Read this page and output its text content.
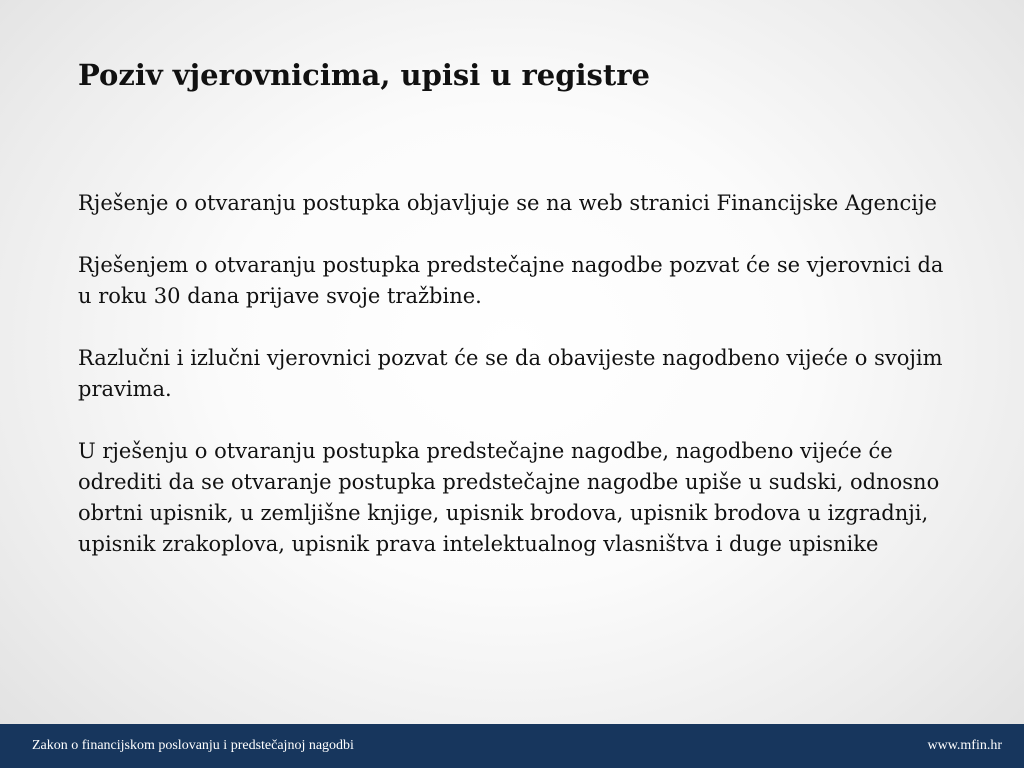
Poziv vjerovnicima, upisi u registre

Rješenje o otvaranju postupka objavljuje se na web stranici Financijske Agencije

Rješenjem o otvaranju postupka predstečajne nagodbe pozvat će se vjerovnici da u roku 30 dana prijave svoje tražbine.

Razlučni i izlučni vjerovnici pozvat će se da obavijeste nagodbeno vijeće o svojim pravima.

U rješenju o otvaranju postupka predstečajne nagodbe, nagodbeno vijeće će odrediti da se otvaranje postupka predstečajne nagodbe upiše u sudski, odnosno obrtni upisnik, u zemljišne knjige, upisnik brodova, upisnik brodova u izgradnji, upisnik zrakoplova, upisnik prava intelektualnog vlasništva i duge upisnike

Zakon o financijskom poslovanju i predstečajnoj nagodbi	www.mfin.hr
